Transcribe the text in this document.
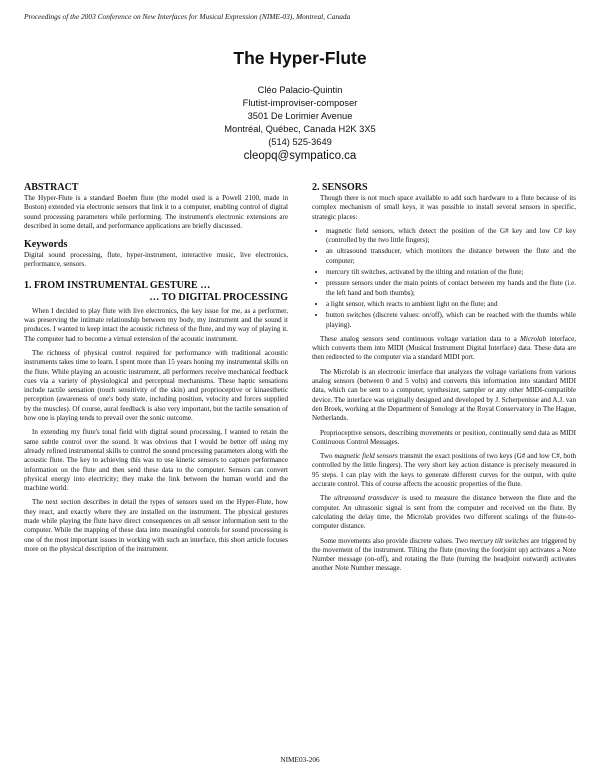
Proceedings of the 2003 Conference on New Interfaces for Musical Expression (NIME-03), Montreal, Canada
The Hyper-Flute
Cléo Palacio-Quintin
Flutist-improviser-composer
3501 De Lorimier Avenue
Montréal, Québec, Canada H2K 3X5
(514) 525-3649
cleopq@sympatico.ca
ABSTRACT

The Hyper-Flute is a standard Boehm flute (the model used is a Powell 2100, made in Boston) extended via electronic sensors that link it to a computer, enabling control of digital sound processing parameters while performing. The instrument's electronic extensions are described in some detail, and performance applications are briefly discussed.

Keywords

Digital sound processing, flute, hyper-instrument, interactive music, live electronics, performance, sensors.

1. FROM INSTRUMENTAL GESTURE …
… TO DIGITAL PROCESSING

When I decided to play flute with live electronics, the key issue for me, as a performer, was preserving the intimate relationship between my body, my instrument and the sound it produces. I wanted to keep intact the acoustic richness of the flute, and my way of playing it. The computer had to become a virtual extension of the acoustic instrument.

The richness of physical control required for performance with traditional acoustic instruments takes time to learn. I spent more than 15 years honing my instrumental skills on the flute. While playing an acoustic instrument, all performers receive mechanical feedback cues via a variety of physiological and perceptual mechanisms. These haptic sensations include tactile sensation (touch sensitivity of the skin) and proprioceptive or kinaesthetic perception (awareness of one's body state, including position, velocity and forces supplied by the muscles). Of course, aural feedback is also very important, but the tactile sensation of how one is playing tends to prevail over the sonic outcome.

In extending my flute's tonal field with digital sound processing, I wanted to retain the same subtle control over the sound. It was obvious that I would be better off using my already refined instrumental skills to control the sound processing parameters along with the acoustic flute. The key to achieving this was to use kinetic sensors to capture performance information on the flute and then send these data to the computer. Sensors can convert physical energy into electricity; they make the link between the human world and the machine world.

The next section describes in detail the types of sensors used on the Hyper-Flute, how they react, and exactly where they are installed on the instrument. The physical gestures made while playing the flute have direct consequences on all sensor information sent to the computer. While the mapping of these data into meaningful controls for sound processing is one of the most important issues in working with such an interface, this short article focuses more on the physical description of the instrument.

2. SENSORS

Though there is not much space available to add such hardware to a flute because of its complex mechanism of small keys, it was possible to install several sensors in specific, strategic places:

• magnetic field sensors, which detect the position of the G# key and low C# key (controlled by the two little fingers);
• an ultrasound transducer, which monitors the distance between the flute and the computer;
• mercury tilt switches, activated by the tilting and rotation of the flute;
• pressure sensors under the main points of contact between my hands and the flute (i.e. the left hand and both thumbs);
• a light sensor, which reacts to ambient light on the flute; and
• button switches (discrete values: on/off), which can be reached with the thumbs while playing).

These analog sensors send continuous voltage variation data to a Microlab interface, which converts them into MIDI (Musical Instrument Digital Interface) data. These data are then redirected to the computer via a standard MIDI port.

The Microlab is an electronic interface that analyzes the voltage variations from various analog sensors (between 0 and 5 volts) and converts this information into standard MIDI data, which can be sent to a computer, synthesizer, sampler or any other MIDI-compatible device. The interface was originally designed and developed by J. Scherpenisse and A.J. van den Broek, working at the Department of Sonology at the Royal Conservatory in The Hague, Netherlands.

Proprioceptive sensors, describing movements or position, continually send data as MIDI Continuous Control Messages.

Two magnetic field sensors transmit the exact positions of two keys (G# and low C#, both controlled by the little fingers). The very short key action distance is precisely measured in 95 steps. I can play with the keys to generate different curves for the output, with quite accurate control. This of course affects the acoustic properties of the flute.

The ultrasound transducer is used to measure the distance between the flute and the computer. An ultrasonic signal is sent from the computer and received on the flute. By calculating the delay time, the Microlab provides two different scalings of the flute-to-computer distance.

Some movements also provide discrete values. Two mercury tilt switches are triggered by the movement of the instrument. Tilting the flute (moving the footjoint up) activates a Note Number message (on-off), and rotating the flute (turning the headjoint outward) activates another Note Number message.

NIME03-206
